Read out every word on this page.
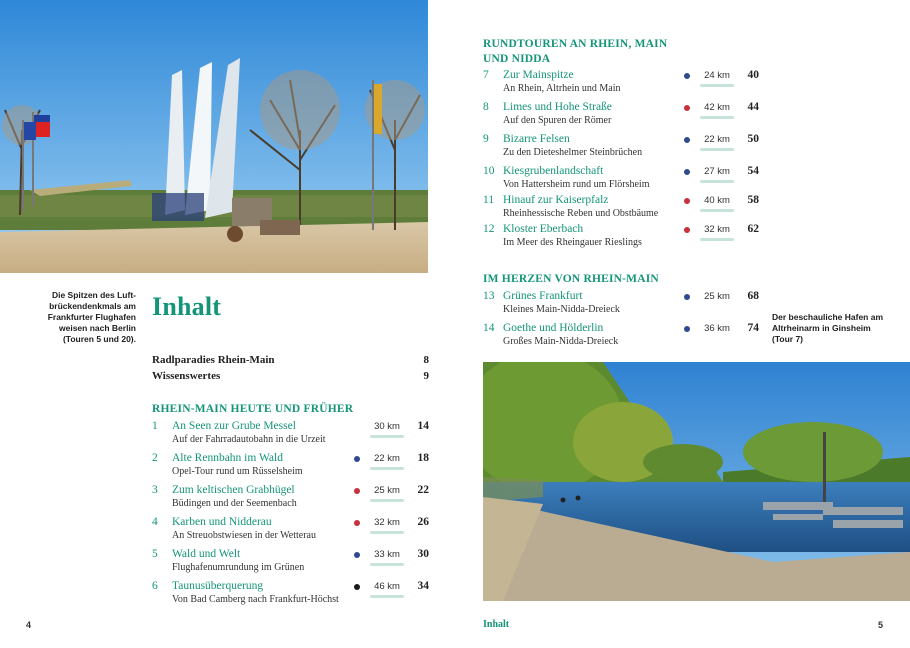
Die Spitzen des Luft-
brückendenkmals am
Frankfurter Flughafen
weisen nach Berlin
(Touren 5 und 20).
Der beschauliche Hafen am
Altrheinarm in Ginsheim
(Tour 7)
Inhalt
Radlparadies Rhein-Main	8
Wissenswertes	9
RHEIN-MAIN HEUTE UND FRÜHER
1 An Seen zur Grube Messel
Auf der Fahrradautobahn in die Urzeit
30 km	14
2 Alte Rennbahn im Wald
Opel-Tour rund um Rüsselsheim
22 km	18
3 Zum keltischen Grabhügel
Büdingen und der Seemenbach
25 km	22
4 Karben und Nidderau
An Streuobstwiesen in der Wetterau
32 km	26
5 Wald und Welt
Flughafenumrundung im Grünen
33 km	30
6 Taunusüberquerung
Von Bad Camberg nach Frankfurt-Höchst
46 km	34
RUNDTOUREN AN RHEIN, MAIN
UND NIDDA
7 Zur Mainspitze
An Rhein, Altrhein und Main
24 km	40
8 Limes und Hohe Straße
Auf den Spuren der Römer
42 km	44
9 Bizarre Felsen
Zu den Dieteshelmer Steinbrüchen
22 km	50
10 Kiesgrubenlandschaft
Von Hattersheim rund um Flörsheim
27 km	54
11 Hinauf zur Kaiserpfalz
Rheinhessische Reben und Obstbäume
40 km	58
12 Kloster Eberbach
Im Meer des Rheingauer Rieslings
32 km	62
IM HERZEN VON RHEIN-MAIN
13 Grünes Frankfurt
Kleines Main-Nidda-Dreieck
25 km	68
14 Goethe und Hölderlin
Großes Main-Nidda-Dreieck
36 km	74
4	Inhalt	5
